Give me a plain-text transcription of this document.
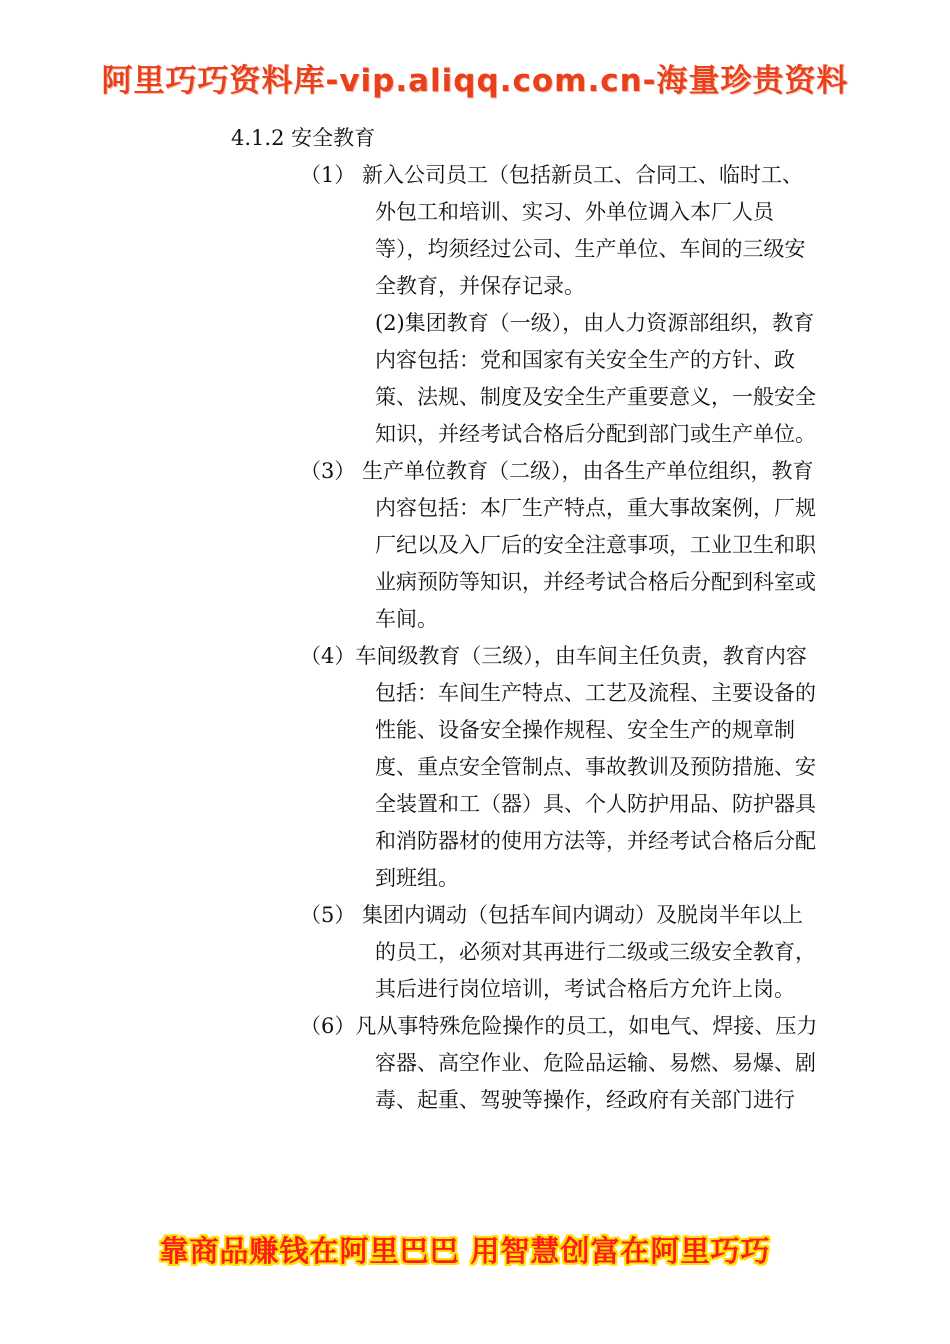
阿里巧巧资料库-vip.aliqq.com.cn-海量珍贵资料
4.1.2 安全教育

（1） 新入公司员工（包括新员工、合同工、临时工、外包工和培训、实习、外单位调入本厂人员等），均须经过公司、生产单位、车间的三级安全教育，并保存记录。

(2)集团教育（一级），由人力资源部组织，教育内容包括：党和国家有关安全生产的方针、政策、法规、制度及安全生产重要意义，一般安全知识，并经考试合格后分配到部门或生产单位。

（3） 生产单位教育（二级），由各生产单位组织，教育内容包括：本厂生产特点，重大事故案例，厂规厂纪以及入厂后的安全注意事项，工业卫生和职业病预防等知识，并经考试合格后分配到科室或车间。

（4）车间级教育（三级），由车间主任负责，教育内容包括：车间生产特点、工艺及流程、主要设备的性能、设备安全操作规程、安全生产的规章制度、重点安全管制点、事故教训及预防措施、安全装置和工（器）具、个人防护用品、防护器具和消防器材的使用方法等，并经考试合格后分配到班组。

（5） 集团内调动（包括车间内调动）及脱岗半年以上的员工，必须对其再进行二级或三级安全教育，其后进行岗位培训，考试合格后方允许上岗。

（6）凡从事特殊危险操作的员工，如电气、焊接、压力容器、高空作业、危险品运输、易燃、易爆、剧毒、起重、驾驶等操作，经政府有关部门进行

靠商品赚钱在阿里巴巴 用智慧创富在阿里巧巧
